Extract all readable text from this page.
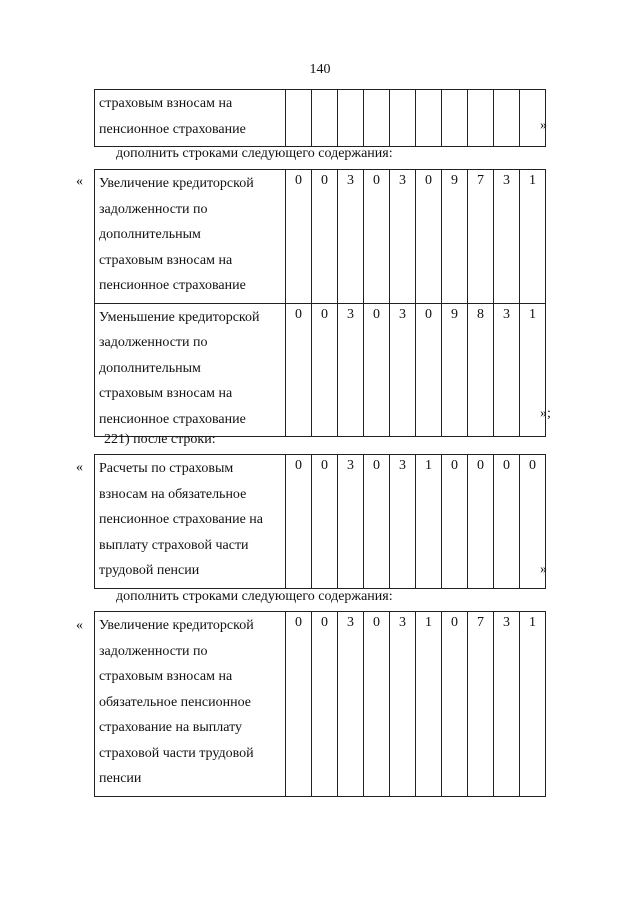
140
страховым взносам на
пенсионное страхование											»
дополнить строками следующего содержания:
« Увеличение кредиторской
задолженности по
дополнительным
страховым взносам на
пенсионное страхование	0	0	3	0	3	0	9	7	3	1
Уменьшение кредиторской
задолженности по
дополнительным
страховым взносам на
пенсионное страхование	0	0	3	0	3	0	9	8	3	1
»;
221) после строки:
« Расчеты по страховым
взносам на обязательное
пенсионное страхование на
выплату страховой части
трудовой пенсии	0	0	3	0	3	1	0	0	0	0
»
дополнить строками следующего содержания:
« Увеличение кредиторской
задолженности по
страховым взносам на
обязательное пенсионное
страхование на выплату
страховой части трудовой
пенсии	0	0	3	0	3	1	0	7	3	1
